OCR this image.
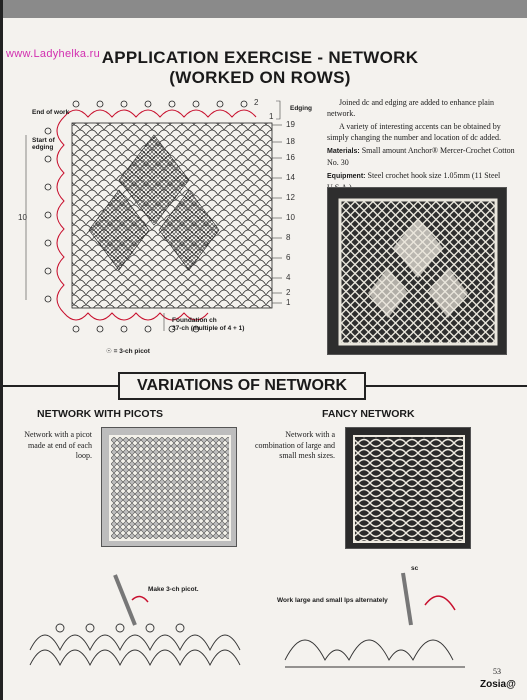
www.Ladyhelka.ru APPLICATION EXERCISE - NETWORK
(WORKED ON ROWS)
End of work
Start of edging
Edging
10
2
1
19
18
16
14
12
10
8
6
4
2
1
Foundation ch
37-ch (multiple of 4 + 1)
☉ = 3-ch picot

Joined dc and edging are added to enhance plain network.

A variety of interesting accents can be obtained by simply changing the number and location of dc added.

Materials: Small amount Anchor® Mercer-Crochet Cotton No. 30

Equipment: Steel crochet hook size 1.05mm (11 Steel

VARIATIONS OF NETWORK
NETWORK WITH PICOTS
Network with a picot made at end of each loop.
FANCY NETWORK
Network with a combination of large and small mesh sizes.
Make 3-ch picot.
Work large and small lps alternately
sc
53
Zosia@
